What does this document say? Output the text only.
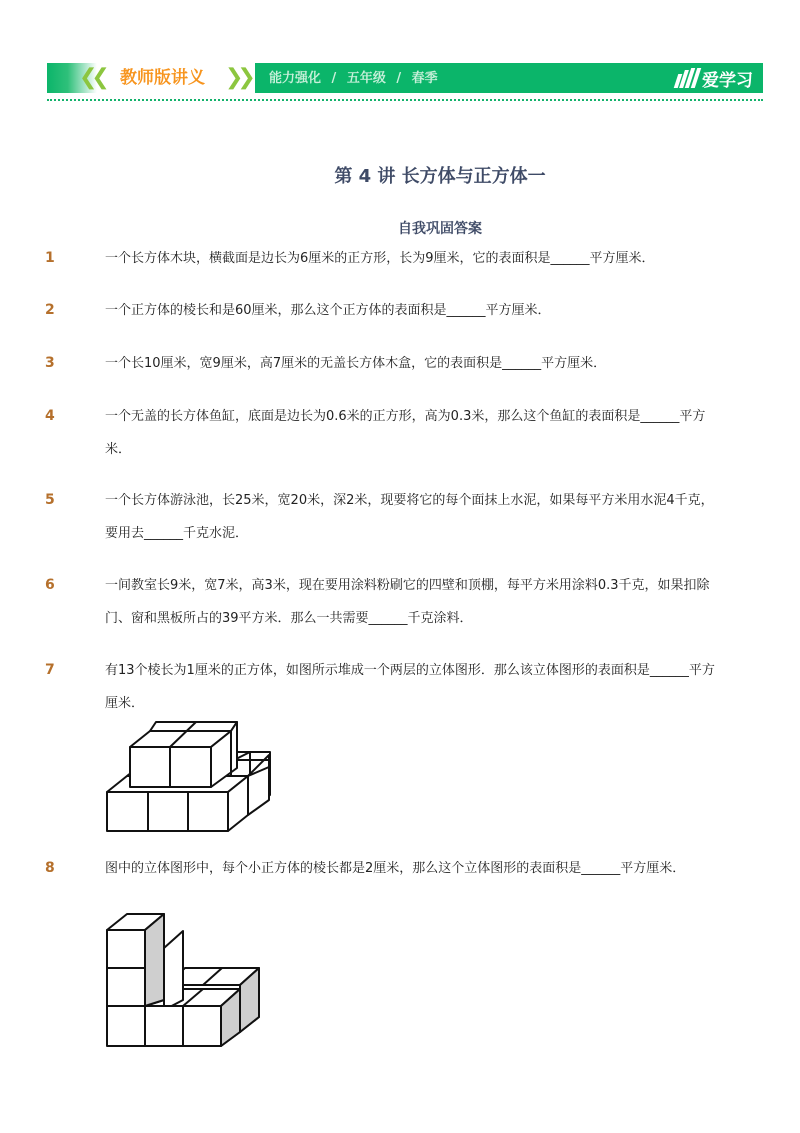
❮❮ 教师版讲义 ❯❯ 能力强化 / 五年级 / 春季	爱学习
第 4 讲 长方体与正方体一
自我巩固答案
1	一个长方体木块，横截面是边长为6厘米的正方形，长为9厘米，它的表面积是______平方厘米．
2	一个正方体的棱长和是60厘米，那么这个正方体的表面积是______平方厘米．
3	一个长10厘米，宽9厘米，高7厘米的无盖长方体木盒，它的表面积是______平方厘米．
4	一个无盖的长方体鱼缸，底面是边长为0.6米的正方形，高为0.3米，那么这个鱼缸的表面积是______平方米．
5	一个长方体游泳池，长25米，宽20米，深2米，现要将它的每个面抹上水泥，如果每平方米用水泥4千克，要用去______千克水泥．
6	一间教室长9米，宽7米，高3米，现在要用涂料粉刷它的四壁和顶棚，每平方米用涂料0.3千克，如果扣除门、窗和黑板所占的39平方米．那么一共需要______千克涂料．
7	有13个棱长为1厘米的正方体，如图所示堆成一个两层的立体图形．那么该立体图形的表面积是______平方厘米．
8	图中的立体图形中，每个小正方体的棱长都是2厘米，那么这个立体图形的表面积是______平方厘米．
